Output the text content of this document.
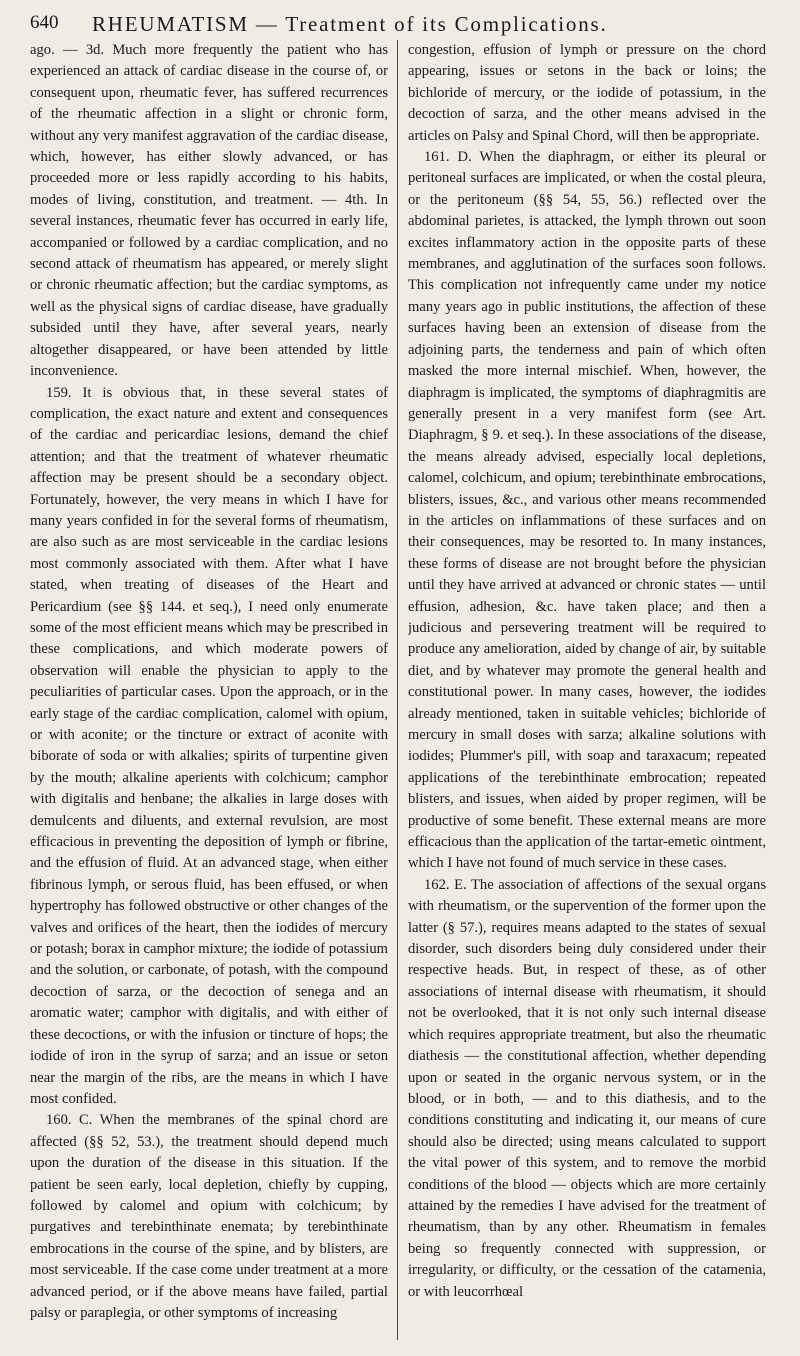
640 RHEUMATISM — Treatment of its Complications.

ago. — 3d. Much more frequently the patient who has experienced an attack of cardiac disease in the course of, or consequent upon, rheumatic fever, has suffered recurrences of the rheumatic affection in a slight or chronic form, without any very manifest aggravation of the cardiac disease, which, however, has either slowly advanced, or has proceeded more or less rapidly according to his habits, modes of living, constitution, and treatment. — 4th. In several instances, rheumatic fever has occurred in early life, accompanied or followed by a cardiac complication, and no second attack of rheumatism has appeared, or merely slight or chronic rheumatic affection; but the cardiac symptoms, as well as the physical signs of cardiac disease, have gradually subsided until they have, after several years, nearly altogether disappeared, or have been attended by little inconvenience.

159. It is obvious that, in these several states of complication, the exact nature and extent and consequences of the cardiac and pericardiac lesions, demand the chief attention; and that the treatment of whatever rheumatic affection may be present should be a secondary object. Fortunately, however, the very means in which I have for many years confided in for the several forms of rheumatism, are also such as are most serviceable in the cardiac lesions most commonly associated with them. After what I have stated, when treating of diseases of the Heart and Pericardium (see §§ 144. et seq.), I need only enumerate some of the most efficient means which may be prescribed in these complications, and which moderate powers of observation will enable the physician to apply to the peculiarities of particular cases. Upon the approach, or in the early stage of the cardiac complication, calomel with opium, or with aconite; or the tincture or extract of aconite with biborate of soda or with alkalies; spirits of turpentine given by the mouth; alkaline aperients with colchicum; camphor with digitalis and henbane; the alkalies in large doses with demulcents and diluents, and external revulsion, are most efficacious in preventing the deposition of lymph or fibrine, and the effusion of fluid. At an advanced stage, when either fibrinous lymph, or serous fluid, has been effused, or when hypertrophy has followed obstructive or other changes of the valves and orifices of the heart, then the iodides of mercury or potash; borax in camphor mixture; the iodide of potassium and the solution, or carbonate, of potash, with the compound decoction of sarza, or the decoction of senega and an aromatic water; camphor with digitalis, and with either of these decoctions, or with the infusion or tincture of hops; the iodide of iron in the syrup of sarza; and an issue or seton near the margin of the ribs, are the means in which I have most confided.

160. C. When the membranes of the spinal chord are affected (§§ 52, 53.), the treatment should depend much upon the duration of the disease in this situation. If the patient be seen early, local depletion, chiefly by cupping, followed by calomel and opium with colchicum; by purgatives and terebinthinate enemata; by terebinthinate embrocations in the course of the spine, and by blisters, are most serviceable. If the case come under treatment at a more advanced period, or if the above means have failed, partial palsy or paraplegia, or other symptoms of increasing

congestion, effusion of lymph or pressure on the chord appearing, issues or setons in the back or loins; the bichloride of mercury, or the iodide of potassium, in the decoction of sarza, and the other means advised in the articles on Palsy and Spinal Chord, will then be appropriate.

161. D. When the diaphragm, or either its pleural or peritoneal surfaces are implicated, or when the costal pleura, or the peritoneum (§§ 54, 55, 56.) reflected over the abdominal parietes, is attacked, the lymph thrown out soon excites inflammatory action in the opposite parts of these membranes, and agglutination of the surfaces soon follows. This complication not infrequently came under my notice many years ago in public institutions, the affection of these surfaces having been an extension of disease from the adjoining parts, the tenderness and pain of which often masked the more internal mischief. When, however, the diaphragm is implicated, the symptoms of diaphragmitis are generally present in a very manifest form (see Art. Diaphragm, § 9. et seq.). In these associations of the disease, the means already advised, especially local depletions, calomel, colchicum, and opium; terebinthinate embrocations, blisters, issues, &c., and various other means recommended in the articles on inflammations of these surfaces and on their consequences, may be resorted to. In many instances, these forms of disease are not brought before the physician until they have arrived at advanced or chronic states — until effusion, adhesion, &c. have taken place; and then a judicious and persevering treatment will be required to produce any amelioration, aided by change of air, by suitable diet, and by whatever may promote the general health and constitutional power. In many cases, however, the iodides already mentioned, taken in suitable vehicles; bichloride of mercury in small doses with sarza; alkaline solutions with iodides; Plummer's pill, with soap and taraxacum; repeated applications of the terebinthinate embrocation; repeated blisters, and issues, when aided by proper regimen, will be productive of some benefit. These external means are more efficacious than the application of the tartar-emetic ointment, which I have not found of much service in these cases.

162. E. The association of affections of the sexual organs with rheumatism, or the supervention of the former upon the latter (§ 57.), requires means adapted to the states of sexual disorder, such disorders being duly considered under their respective heads. But, in respect of these, as of other associations of internal disease with rheumatism, it should not be overlooked, that it is not only such internal disease which requires appropriate treatment, but also the rheumatic diathesis — the constitutional affection, whether depending upon or seated in the organic nervous system, or in the blood, or in both, — and to this diathesis, and to the conditions constituting and indicating it, our means of cure should also be directed; using means calculated to support the vital power of this system, and to remove the morbid conditions of the blood — objects which are more certainly attained by the remedies I have advised for the treatment of rheumatism, than by any other. Rheumatism in females being so frequently connected with suppression, or irregularity, or difficulty, or the cessation of the catamenia, or with leucorrhœal
